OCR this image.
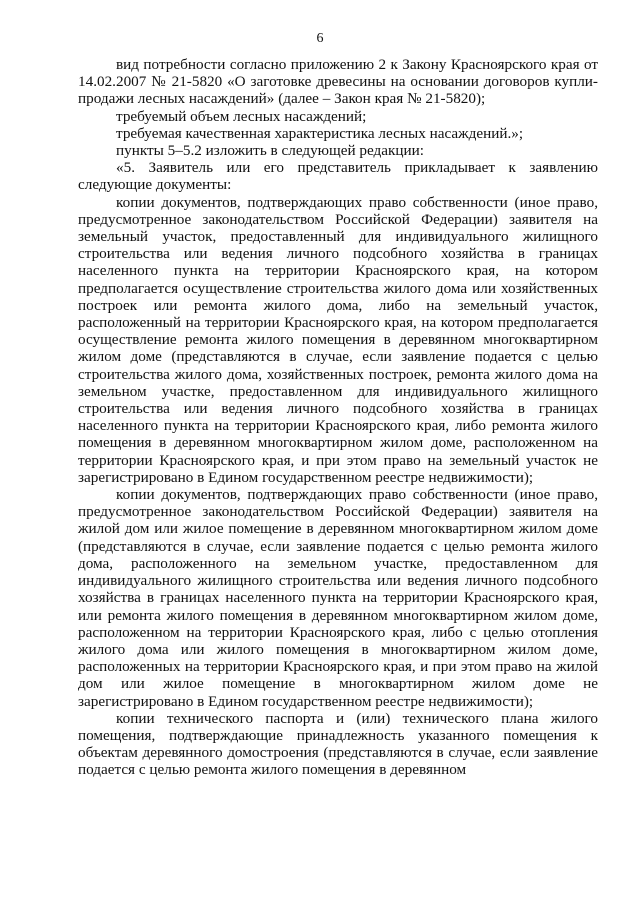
6

вид потребности согласно приложению 2 к Закону Красноярского края от 14.02.2007 № 21-5820 «О заготовке древесины на основании договоров купли-продажи лесных насаждений» (далее – Закон края № 21-5820);

требуемый объем лесных насаждений;

требуемая качественная характеристика лесных насаждений.»;

пункты 5–5.2 изложить в следующей редакции:

«5. Заявитель или его представитель прикладывает к заявлению следующие документы:

копии документов, подтверждающих право собственности (иное право, предусмотренное законодательством Российской Федерации) заявителя на земельный участок, предоставленный для индивидуального жилищного строительства или ведения личного подсобного хозяйства в границах населенного пункта на территории Красноярского края, на котором предполагается осуществление строительства жилого дома или хозяйственных построек или ремонта жилого дома, либо на земельный участок, расположенный на территории Красноярского края, на котором предполагается осуществление ремонта жилого помещения в деревянном многоквартирном жилом доме (представляются в случае, если заявление подается с целью строительства жилого дома, хозяйственных построек, ремонта жилого дома на земельном участке, предоставленном для индивидуального жилищного строительства или ведения личного подсобного хозяйства в границах населенного пункта на территории Красноярского края, либо ремонта жилого помещения в деревянном многоквартирном жилом доме, расположенном на территории Красноярского края, и при этом право на земельный участок не зарегистрировано в Едином государственном реестре недвижимости);

копии документов, подтверждающих право собственности (иное право, предусмотренное законодательством Российской Федерации) заявителя на жилой дом или жилое помещение в деревянном многоквартирном жилом доме (представляются в случае, если заявление подается с целью ремонта жилого дома, расположенного на земельном участке, предоставленном для индивидуального жилищного строительства или ведения личного подсобного хозяйства в границах населенного пункта на территории Красноярского края, или ремонта жилого помещения в деревянном многоквартирном жилом доме, расположенном на территории Красноярского края, либо с целью отопления жилого дома или жилого помещения в многоквартирном жилом доме, расположенных на территории Красноярского края, и при этом право на жилой дом или жилое помещение в многоквартирном жилом доме не зарегистрировано в Едином государственном реестре недвижимости);

копии технического паспорта и (или) технического плана жилого помещения, подтверждающие принадлежность указанного помещения к объектам деревянного домостроения (представляются в случае, если заявление подается с целью ремонта жилого помещения в деревянном
